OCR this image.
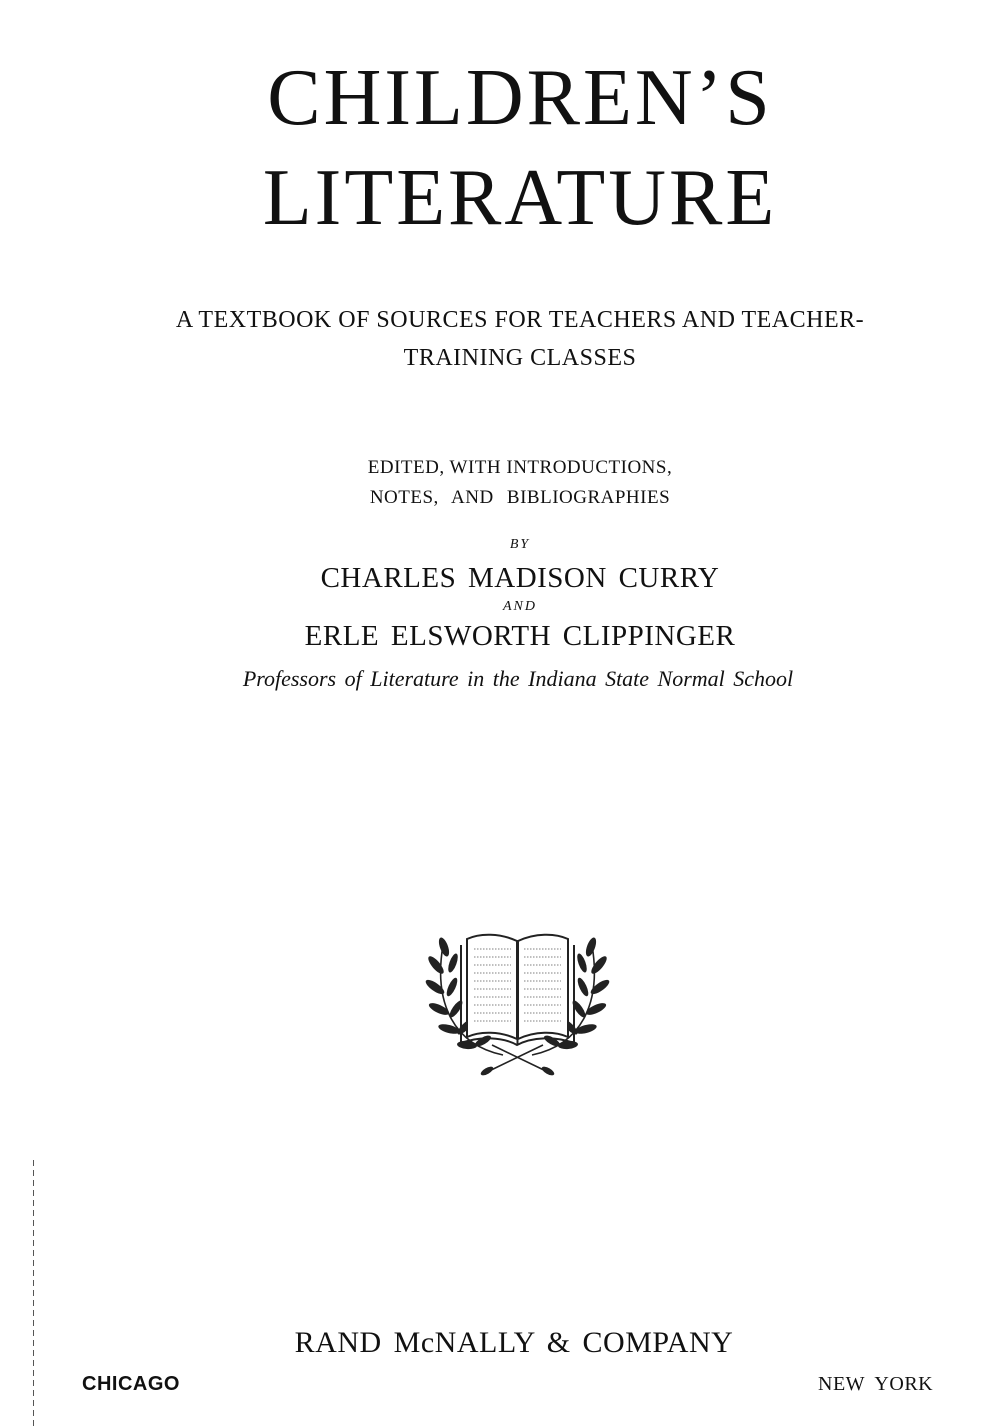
CHILDREN’S
LITERATURE
A TEXTBOOK OF SOURCES FOR TEACHERS AND TEACHER-
TRAINING CLASSES
EDITED, WITH INTRODUCTIONS,
NOTES, AND BIBLIOGRAPHIES
BY
CHARLES MADISON CURRY
AND
ERLE ELSWORTH CLIPPINGER
Professors of Literature in the Indiana State Normal School
RAND McNALLY & COMPANY
CHICAGO	NEW YORK
